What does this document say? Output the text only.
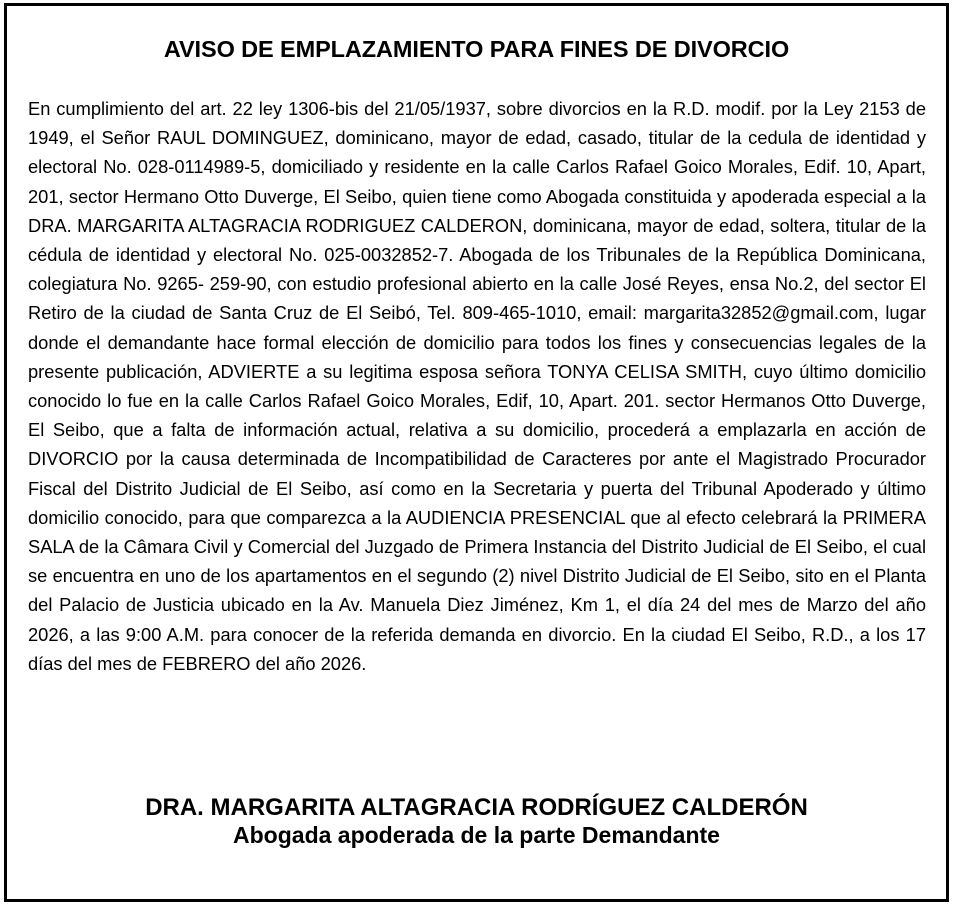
AVISO DE EMPLAZAMIENTO PARA FINES DE DIVORCIO

En cumplimiento del art. 22 ley 1306-bis del 21/05/1937, sobre divorcios en la R.D. modif. por la Ley 2153 de 1949, el Señor RAUL DOMINGUEZ, dominicano, mayor de edad, casado, titular de la cedula de identidad y electoral No. 028-0114989-5, domiciliado y residente en la calle Carlos Rafael Goico Morales, Edif. 10, Apart, 201, sector Hermano Otto Duverge, El Seibo, quien tiene como Abogada constituida y apoderada especial a la DRA. MARGARITA ALTAGRACIA RODRIGUEZ CALDERON, dominicana, mayor de edad, soltera, titular de la cédula de identidad y electoral No. 025-0032852-7. Abogada de los Tribunales de la República Dominicana, colegiatura No. 9265- 259-90, con estudio profesional abierto en la calle José Reyes, ensa No.2, del sector El Retiro de la ciudad de Santa Cruz de El Seibó, Tel. 809-465-1010, email: margarita32852@gmail.com, lugar donde el demandante hace formal elección de domicilio para todos los fines y consecuencias legales de la presente publicación, ADVIERTE a su legitima esposa señora TONYA CELISA SMITH, cuyo último domicilio conocido lo fue en la calle Carlos Rafael Goico Morales, Edif, 10, Apart. 201. sector Hermanos Otto Duverge, El Seibo, que a falta de información actual, relativa a su domicilio, procederá a emplazarla en acción de DIVORCIO por la causa determinada de Incompatibilidad de Caracteres por ante el Magistrado Procurador Fiscal del Distrito Judicial de El Seibo, así como en la Secretaria y puerta del Tribunal Apoderado y último domicilio conocido, para que comparezca a la AUDIENCIA PRESENCIAL que al efecto celebrará la PRIMERA SALA de la Câmara Civil y Comercial del Juzgado de Primera Instancia del Distrito Judicial de El Seibo, el cual se encuentra en uno de los apartamentos en el segundo (2) nivel Distrito Judicial de El Seibo, sito en el Planta del Palacio de Justicia ubicado en la Av. Manuela Diez Jiménez, Km 1, el día 24 del mes de Marzo del año 2026, a las 9:00 A.M. para conocer de la referida demanda en divorcio. En la ciudad El Seibo, R.D., a los 17 días del mes de FEBRERO del año 2026.

DRA. MARGARITA ALTAGRACIA RODRÍGUEZ CALDERÓN

Abogada apoderada de la parte Demandante
